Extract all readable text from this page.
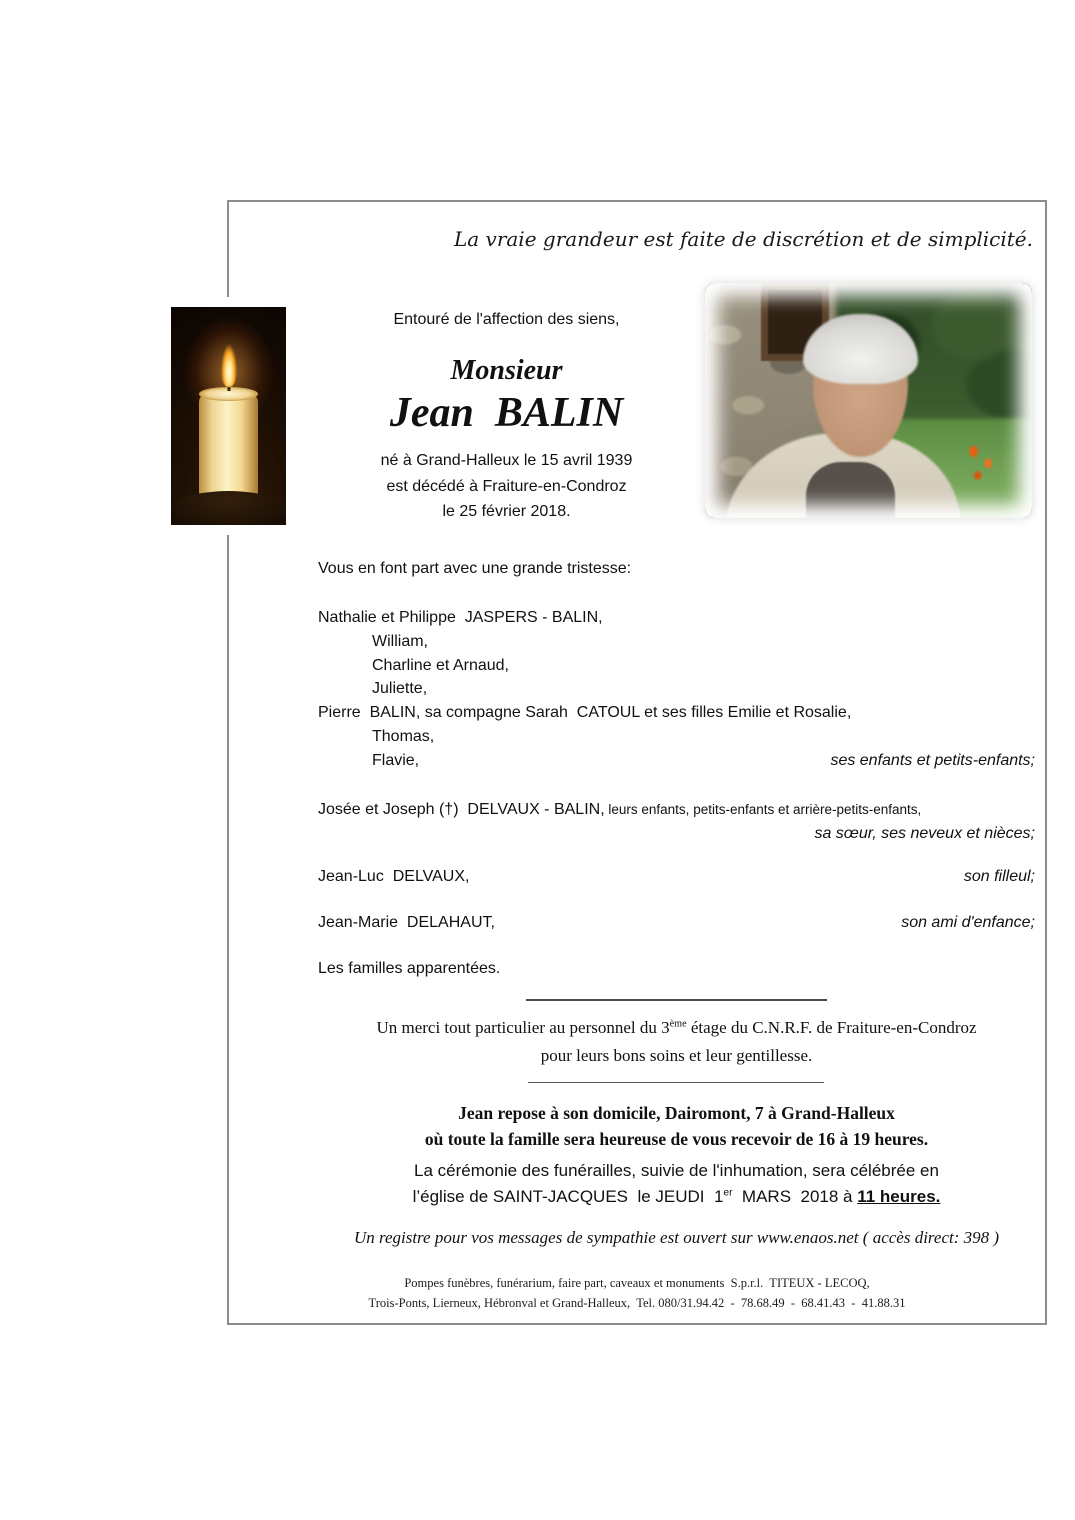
La vraie grandeur est faite de discrétion et de simplicité.
Entouré de l'affection des siens,
Monsieur
Jean  BALIN
né à Grand-Halleux le 15 avril 1939
est décédé à Fraiture-en-Condroz
le 25 février 2018.
Vous en font part avec une grande tristesse:
Nathalie et Philippe  JASPERS - BALIN,
William,
Charline et Arnaud,
Juliette,
Pierre  BALIN, sa compagne Sarah  CATOUL et ses filles Emilie et Rosalie,
Thomas,
Flavie,	ses enfants et petits-enfants;
Josée et Joseph (†)  DELVAUX - BALIN, leurs enfants, petits-enfants et arrière-petits-enfants,
sa sœur, ses neveux et nièces;
Jean-Luc  DELVAUX,	son filleul;
Jean-Marie  DELAHAUT,	son ami d'enfance;
Les familles apparentées.
Un merci tout particulier au personnel du 3ème étage du C.N.R.F. de Fraiture-en-Condroz
pour leurs bons soins et leur gentillesse.
Jean repose à son domicile, Dairomont, 7 à Grand-Halleux
où toute la famille sera heureuse de vous recevoir de 16 à 19 heures.
La cérémonie des funérailles, suivie de l'inhumation, sera célébrée en
l’église de SAINT-JACQUES  le JEUDI  1er  MARS  2018 à 11 heures.
Un registre pour vos messages de sympathie est ouvert sur www.enaos.net ( accès direct: 398 )
Pompes funèbres, funérarium, faire part, caveaux et monuments  S.p.r.l.  TITEUX - LECOQ,
Trois-Ponts, Lierneux, Hébronval et Grand-Halleux,  Tel. 080/31.94.42  -  78.68.49  -  68.41.43  -  41.88.31
